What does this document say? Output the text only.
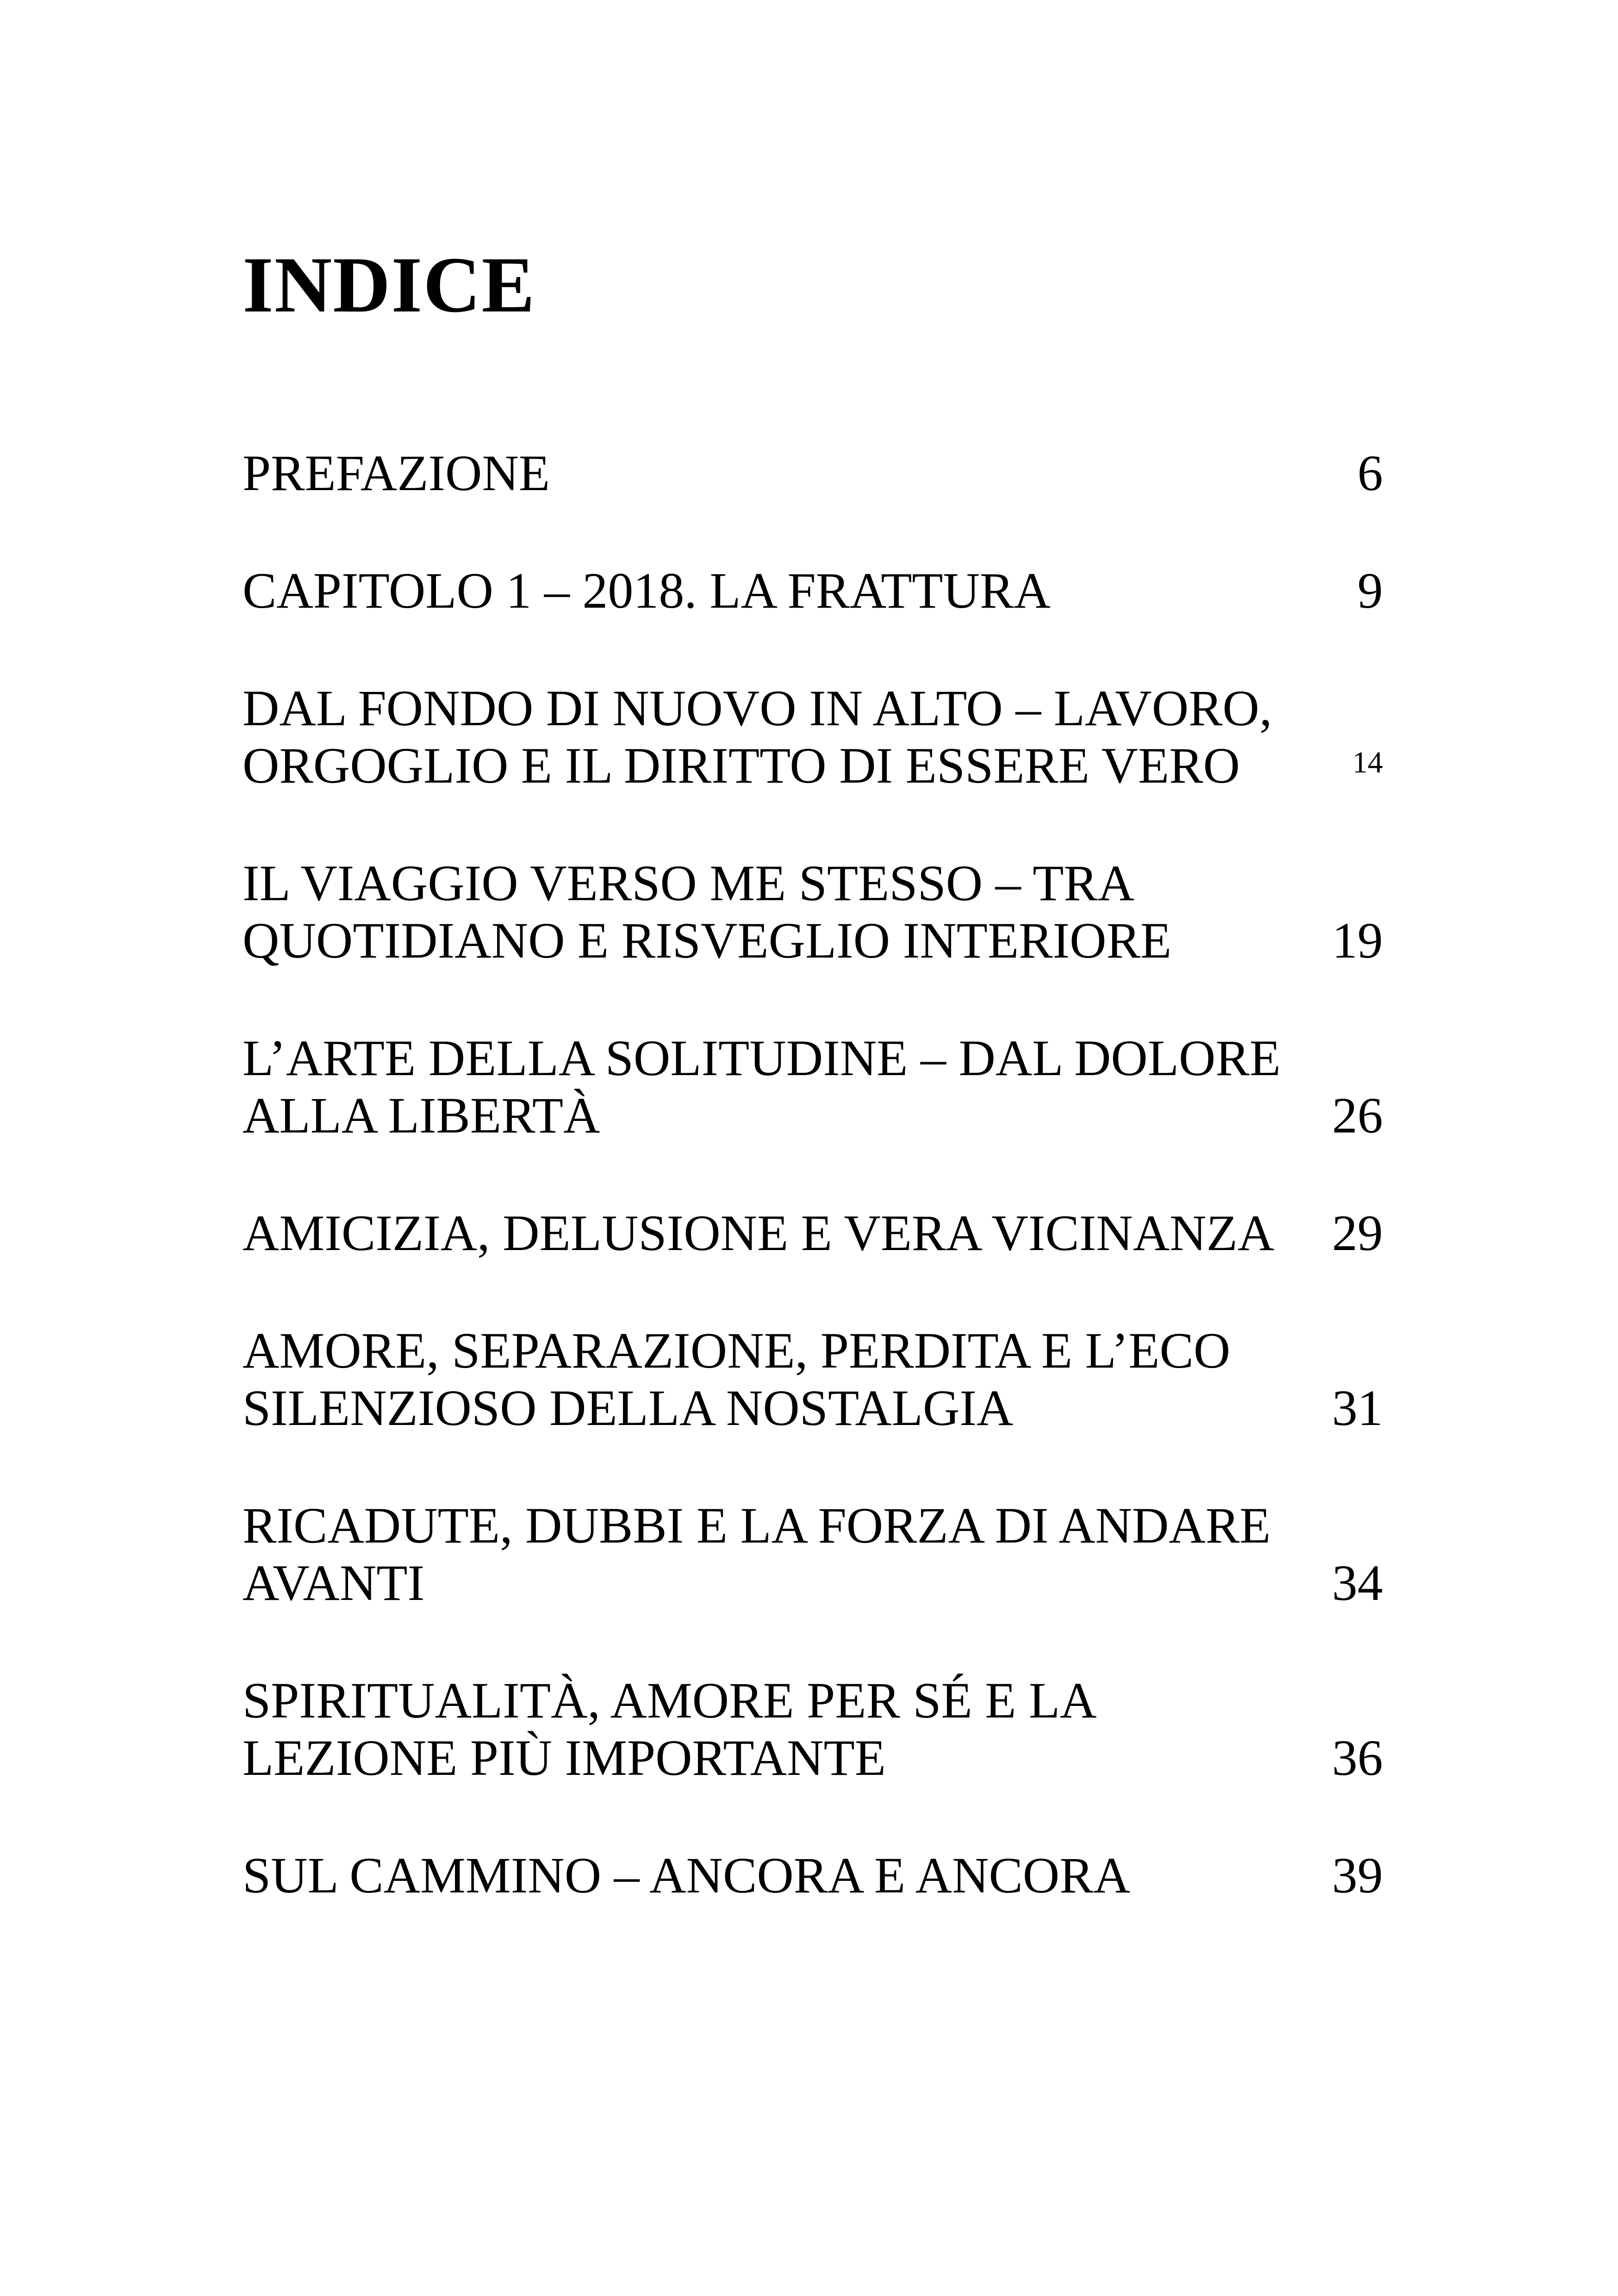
INDICE
PREFAZIONE	6
CAPITOLO 1 – 2018. LA FRATTURA	9
DAL FONDO DI NUOVO IN ALTO – LAVORO,
ORGOGLIO E IL DIRITTO DI ESSERE VERO	14
IL VIAGGIO VERSO ME STESSO – TRA
QUOTIDIANO E RISVEGLIO INTERIORE	19
L’ARTE DELLA SOLITUDINE – DAL DOLORE
ALLA LIBERTÀ	26
AMICIZIA, DELUSIONE E VERA VICINANZA	29
AMORE, SEPARAZIONE, PERDITA E L’ECO
SILENZIOSO DELLA NOSTALGIA	31
RICADUTE, DUBBI E LA FORZA DI ANDARE
AVANTI	34
SPIRITUALITÀ, AMORE PER SÉ E LA
LEZIONE PIÙ IMPORTANTE	36
SUL CAMMINO – ANCORA E ANCORA	39
